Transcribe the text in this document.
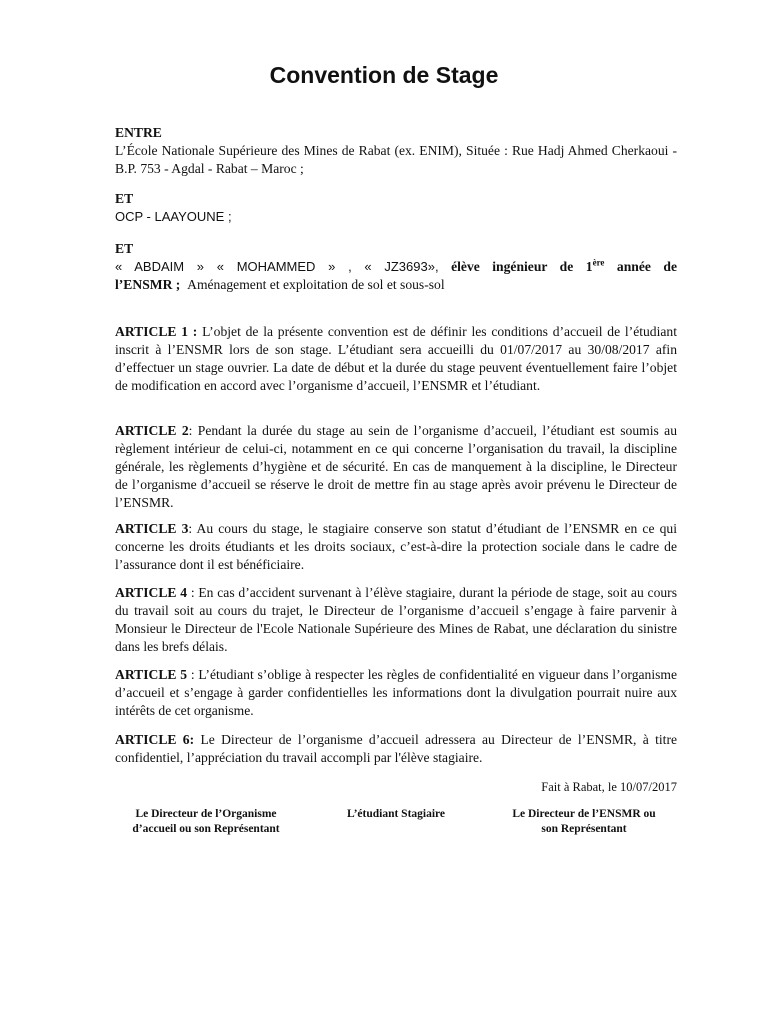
Convention de Stage

ENTRE

L’École Nationale Supérieure des Mines de Rabat (ex. ENIM), Située : Rue Hadj Ahmed Cherkaoui - B.P. 753 - Agdal - Rabat – Maroc ;

ET

OCP - LAAYOUNE ;

ET

« ABDAIM » « MOHAMMED » , « JZ3693», élève ingénieur de 1ère année de

l’ENSMR ; Aménagement et exploitation de sol et sous-sol

ARTICLE 1 : L’objet de la présente convention est de définir les conditions d’accueil de l’étudiant inscrit à l’ENSMR lors de son stage. L’étudiant sera accueilli du 01/07/2017 au 30/08/2017 afin d’effectuer un stage ouvrier. La date de début et la durée du stage peuvent éventuellement faire l’objet de modification en accord avec l’organisme d’accueil, l’ENSMR et l’étudiant.
ARTICLE 2: Pendant la durée du stage au sein de l’organisme d’accueil, l’étudiant est soumis au règlement intérieur de celui-ci, notamment en ce qui concerne l’organisation du travail, la discipline générale, les règlements d’hygiène et de sécurité. En cas de manquement à la discipline, le Directeur de l’organisme d’accueil se réserve le droit de mettre fin au stage après avoir prévenu le Directeur de l’ENSMR.
ARTICLE 3: Au cours du stage, le stagiaire conserve son statut d’étudiant de l’ENSMR en ce qui concerne les droits étudiants et les droits sociaux, c’est-à-dire la protection sociale dans le cadre de l’assurance dont il est bénéficiaire.
ARTICLE 4 : En cas d’accident survenant à l’élève stagiaire, durant la période de stage, soit au cours du travail soit au cours du trajet, le Directeur de l’organisme d’accueil s’engage à faire parvenir à Monsieur le Directeur de l'Ecole Nationale Supérieure des Mines de Rabat, une déclaration du sinistre dans les brefs délais.
ARTICLE 5 : L’étudiant s’oblige à respecter les règles de confidentialité en vigueur dans l’organisme d’accueil et s’engage à garder confidentielles les informations dont la divulgation pourrait nuire aux intérêts de cet organisme.
ARTICLE 6: Le Directeur de l’organisme d’accueil adressera au Directeur de l’ENSMR, à titre confidentiel, l’appréciation du travail accompli par l'élève stagiaire.
Fait à Rabat, le 10/07/2017
Le Directeur de l’Organisme
d’accueil ou son Représentant
L’étudiant Stagiaire	Le Directeur de l’ENSMR ou
son Représentant
